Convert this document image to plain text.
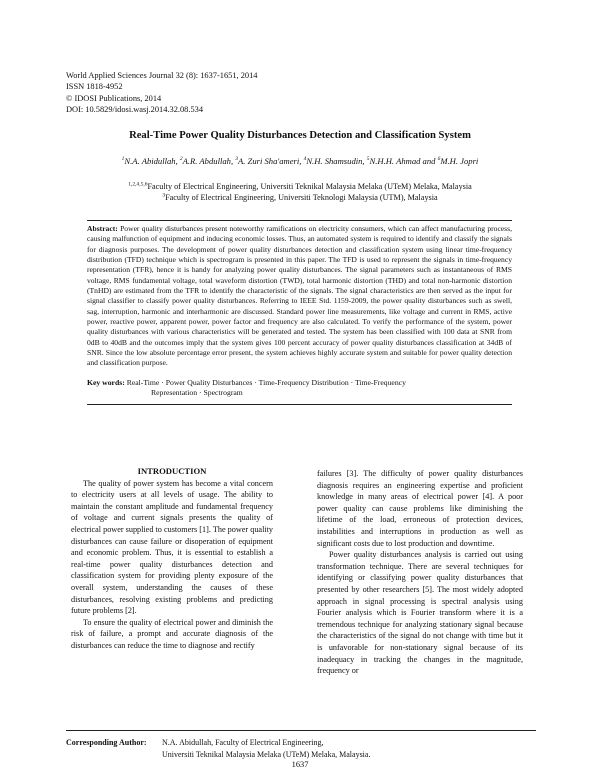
World Applied Sciences Journal 32 (8): 1637-1651, 2014
ISSN 1818-4952
© IDOSI Publications, 2014
DOI: 10.5829/idosi.wasj.2014.32.08.534
Real-Time Power Quality Disturbances Detection and Classification System
$^1$N.A. Abidullah, $^2$A.R. Abdullah, $^3$A. Zuri Sha'ameri, $^4$N.H. Shamsudin, $^5$N.H.H. Ahmad and $^6$M.H. Jopri
$^{1,2,4,5,6}$Faculty of Electrical Engineering, Universiti Teknikal Malaysia Melaka (UTeM) Melaka, Malaysia
$^3$Faculty of Electrical Engineering, Universiti Teknologi Malaysia (UTM), Malaysia
Abstract: Power quality disturbances present noteworthy ramifications on electricity consumers, which can affect manufacturing process, causing malfunction of equipment and inducing economic losses. Thus, an automated system is required to identify and classify the signals for diagnosis purposes. The development of power quality disturbances detection and classification system using linear time-frequency distribution (TFD) technique which is spectrogram is presented in this paper. The TFD is used to represent the signals in time-frequency representation (TFR), hence it is handy for analyzing power quality disturbances. The signal parameters such as instantaneous of RMS voltage, RMS fundamental voltage, total waveform distortion (TWD), total harmonic distortion (THD) and total non-harmonic distortion (TnHD) are estimated from the TFR to identify the characteristic of the signals. The signal characteristics are then served as the input for signal classifier to classify power quality disturbances. Referring to IEEE Std. 1159-2009, the power quality disturbances such as swell, sag, interruption, harmonic and interharmonic are discussed. Standard power line measurements, like voltage and current in RMS, active power, reactive power, apparent power, power factor and frequency are also calculated. To verify the performance of the system, power quality disturbances with various characteristics will be generated and tested. The system has been classified with 100 data at SNR from 0dB to 40dB and the outcomes imply that the system gives 100 percent accuracy of power quality disturbances classification at 34dB of SNR. Since the low absolute percentage error present, the system achieves highly accurate system and suitable for power quality detection and classification purpose.
Key words: Real-Time · Power Quality Disturbances · Time-Frequency Distribution · Time-Frequency
Representation · Spectrogram

INTRODUCTION

The quality of power system has become a vital concern to electricity users at all levels of usage. The ability to maintain the constant amplitude and fundamental frequency of voltage and current signals presents the quality of electrical power supplied to customers [1]. The power quality disturbances can cause failure or disoperation of equipment and economic problem. Thus, it is essential to establish a real-time power quality disturbances detection and classification system for providing plenty exposure of the overall system, understanding the causes of these disturbances, resolving existing problems and predicting future problems [2].

To ensure the quality of electrical power and diminish the risk of failure, a prompt and accurate diagnosis of the disturbances can reduce the time to diagnose and rectify

failures [3]. The difficulty of power quality disturbances diagnosis requires an engineering expertise and proficient knowledge in many areas of electrical power [4]. A poor power quality can cause problems like diminishing the lifetime of the load, erroneous of protection devices, instabilities and interruptions in production as well as significant costs due to lost production and downtime.

Power quality disturbances analysis is carried out using transformation technique. There are several techniques for identifying or classifying power quality disturbances that presented by other researchers [5]. The most widely adopted approach in signal processing is spectral analysis using Fourier analysis which is Fourier transform where it is a tremendous technique for analyzing stationary signal because the characteristics of the signal do not change with time but it is unfavorable for non-stationary signal because of its inadequacy in tracking the changes in the magnitude, frequency or

Corresponding Author: N.A. Abidullah, Faculty of Electrical Engineering,
Universiti Teknikal Malaysia Melaka (UTeM) Melaka, Malaysia.
1637
